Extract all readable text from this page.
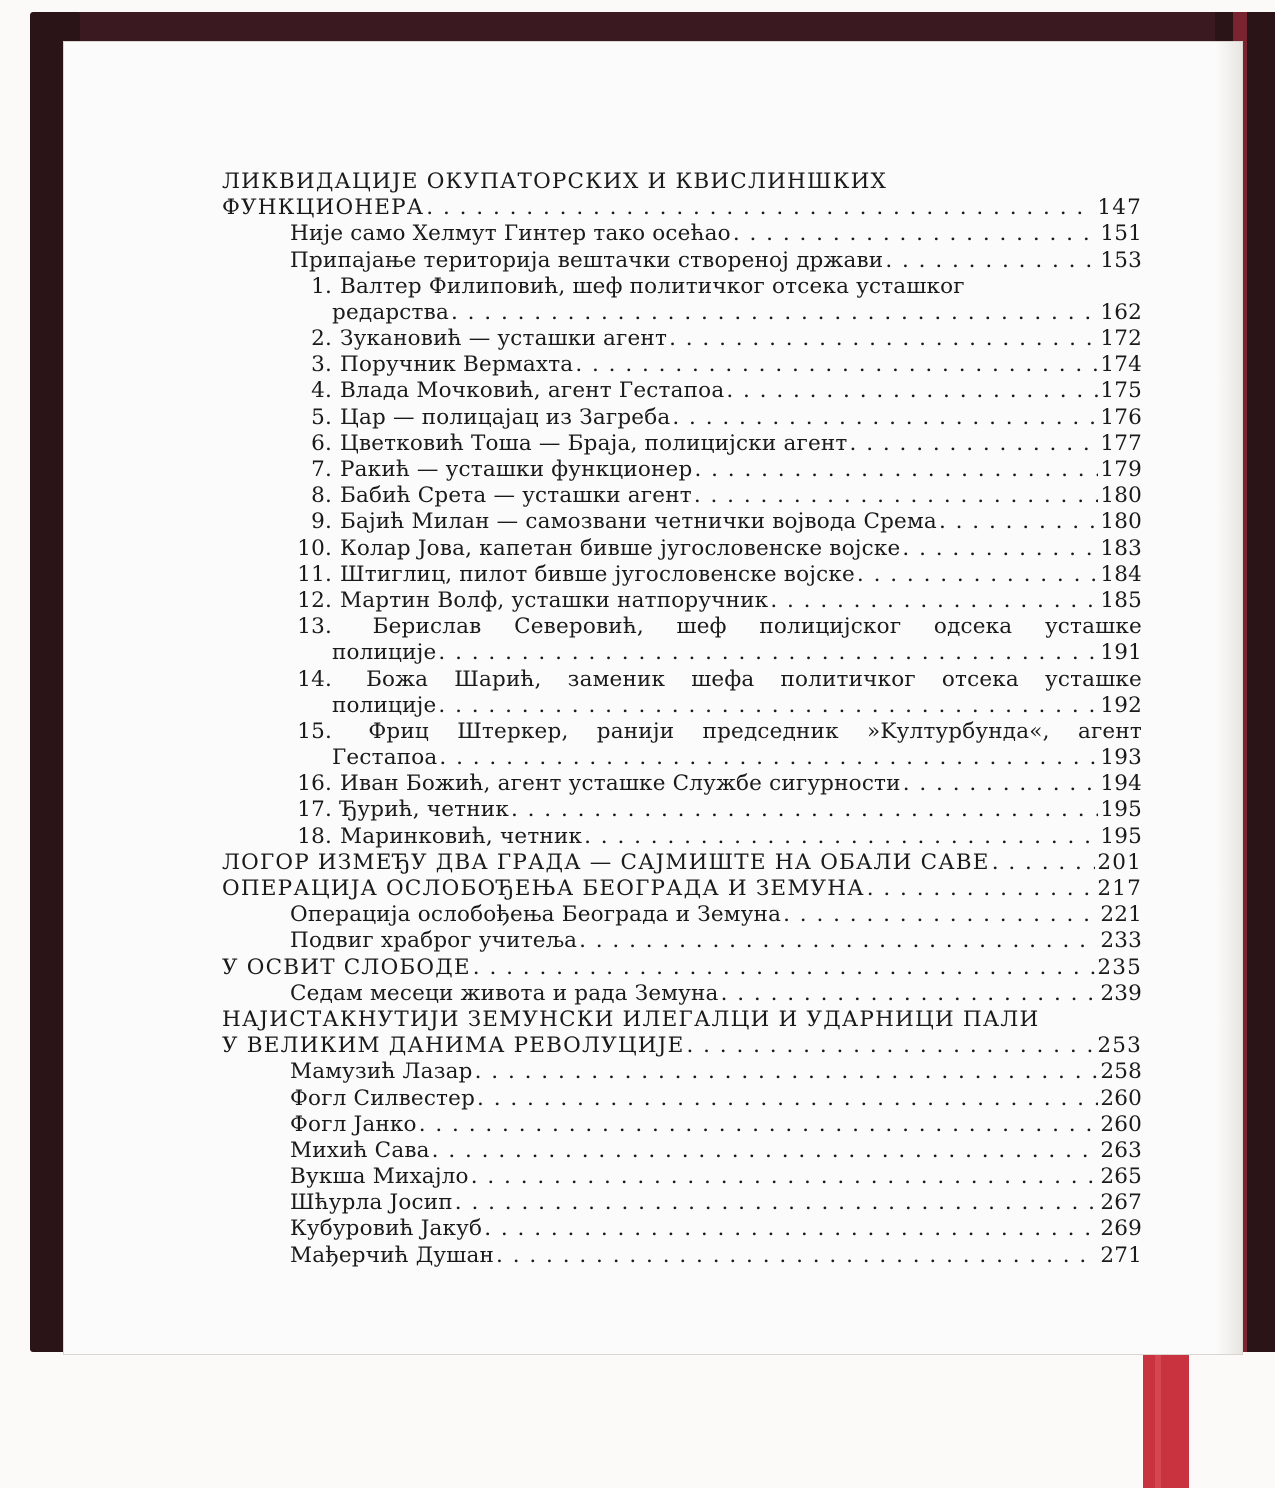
ЛИКВИДАЦИЈЕ ОКУПАТОРСКИХ И КВИСЛИНШКИХ
ФУНКЦИОНЕРА . . .	147
Није само Хелмут Гинтер тако осећао . . .	151
Припајање територија вештачки створеној држави . . .	153
1. Валтер Филиповић, шеф политичког отсека усташког
редарства . . .	162
2. Зукановић — усташки агент . . .	172
3. Поручник Вермахта . . .	174
4. Влада Мочковић, агент Гестапоа . . .	175
5. Цар — полицајац из Загреба . . .	176
6. Цветковић Тоша — Браја, полицијски агент . . .	177
7. Ракић — усташки функционер . . .	179
8. Бабић Срета — усташки агент . . .	180
9. Бајић Милан — самозвани четнички војвода Срема . . .	180
10. Колар Јова, капетан бивше југословенске војске . . .	183
11. Штиглиц, пилот бивше југословенске војске . . .	184
12. Мартин Волф, усташки натпоручник . . .	185
13. Берислав Северовић, шеф полицијског одсека усташке
полиције . . .	191
14. Божа Шарић, заменик шефа политичког отсека усташке
полиције . . .	192
15. Фриц Штеркер, ранији председник »Kултурбунда«, агент
Гестапоа . . .	193
16. Иван Божић, агент усташке Службе сигурности . . .	194
17. Ђурић, четник . . .	195
18. Маринковић, четник . . .	195
ЛОГОР ИЗМЕЂУ ДВА ГРАДА — САЈМИШТЕ НА ОБАЛИ САВЕ . . .	201
ОПЕРАЦИЈА ОСЛОБОЂЕЊА БЕОГРАДА И ЗЕМУНА . . .	217
Операција ослобођења Београда и Земуна . . .	221
Подвиг храброг учитеља . . .	233
У ОСВИТ СЛОБОДЕ . . .	235
Седам месеци живота и рада Земуна . . .	239
НАЈИСТАКНУТИЈИ ЗЕМУНСКИ ИЛЕГАЛЦИ И УДАРНИЦИ ПАЛИ
У ВЕЛИКИМ ДАНИМА РЕВОЛУЦИЈЕ . . .	253
Мамузић Лазар . . .	258
Фогл Силвестер . . .	260
Фогл Јанко . . .	260
Михић Сава . . .	263
Вукша Михајло . . .	265
Шћурла Јосип . . .	267
Кубуровић Јакуб . . .	269
Мађерчић Душан . . .	271
